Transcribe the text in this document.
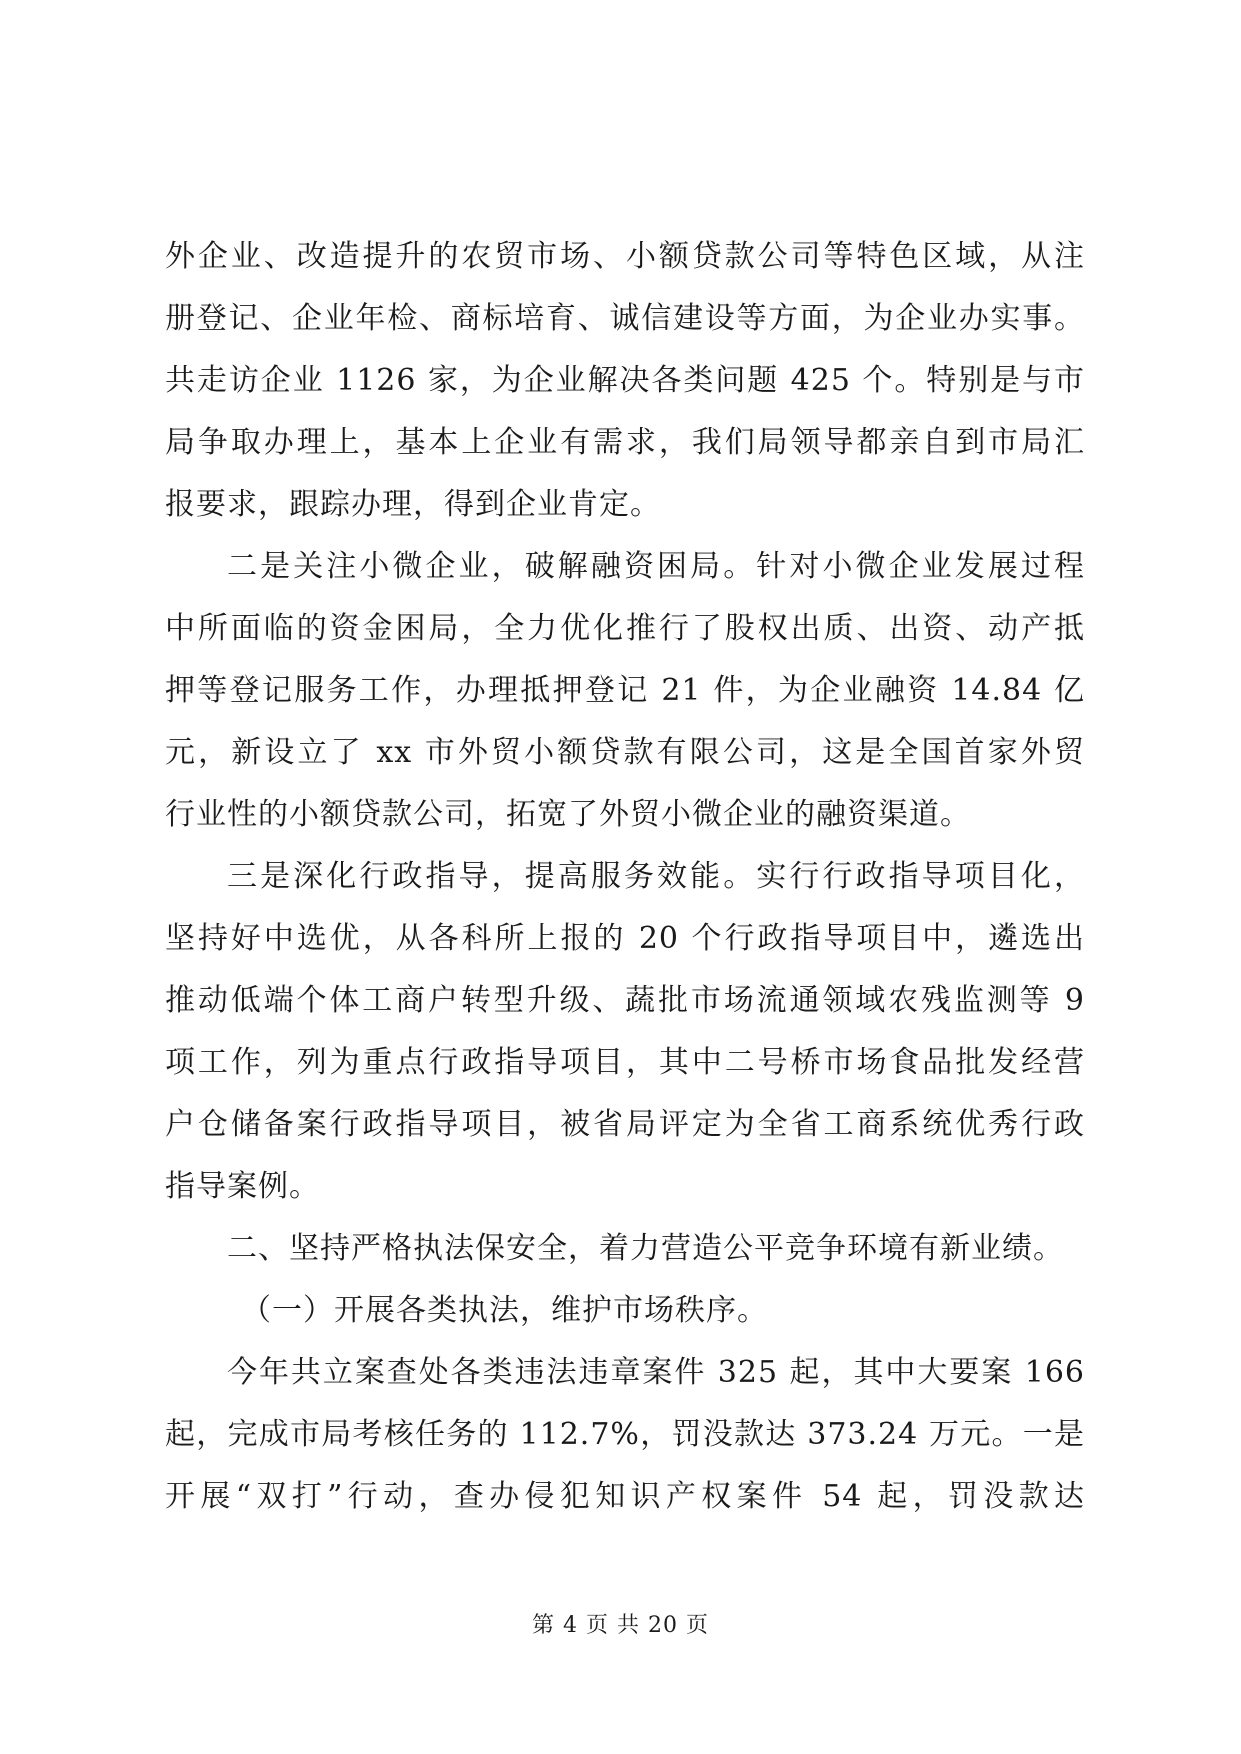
外企业、改造提升的农贸市场、小额贷款公司等特色区域，从注
册登记、企业年检、商标培育、诚信建设等方面，为企业办实事。
共走访企业 1126 家，为企业解决各类问题 425 个。特别是与市
局争取办理上，基本上企业有需求，我们局领导都亲自到市局汇
报要求，跟踪办理，得到企业肯定。
二是关注小微企业，破解融资困局。针对小微企业发展过程
中所面临的资金困局，全力优化推行了股权出质、出资、动产抵
押等登记服务工作，办理抵押登记 21 件，为企业融资 14.84 亿
元，新设立了 xx 市外贸小额贷款有限公司，这是全国首家外贸
行业性的小额贷款公司，拓宽了外贸小微企业的融资渠道。
三是深化行政指导，提高服务效能。实行行政指导项目化，
坚持好中选优，从各科所上报的 20 个行政指导项目中，遴选出
推动低端个体工商户转型升级、蔬批市场流通领域农残监测等 9
项工作，列为重点行政指导项目，其中二号桥市场食品批发经营
户仓储备案行政指导项目，被省局评定为全省工商系统优秀行政
指导案例。
二、坚持严格执法保安全，着力营造公平竞争环境有新业绩。
（一）开展各类执法，维护市场秩序。
今年共立案查处各类违法违章案件 325 起，其中大要案 166
起，完成市局考核任务的 112.7%，罚没款达 373.24 万元。一是
开展“双打”行动，查办侵犯知识产权案件 54 起，罚没款达
第 4 页 共 20 页
